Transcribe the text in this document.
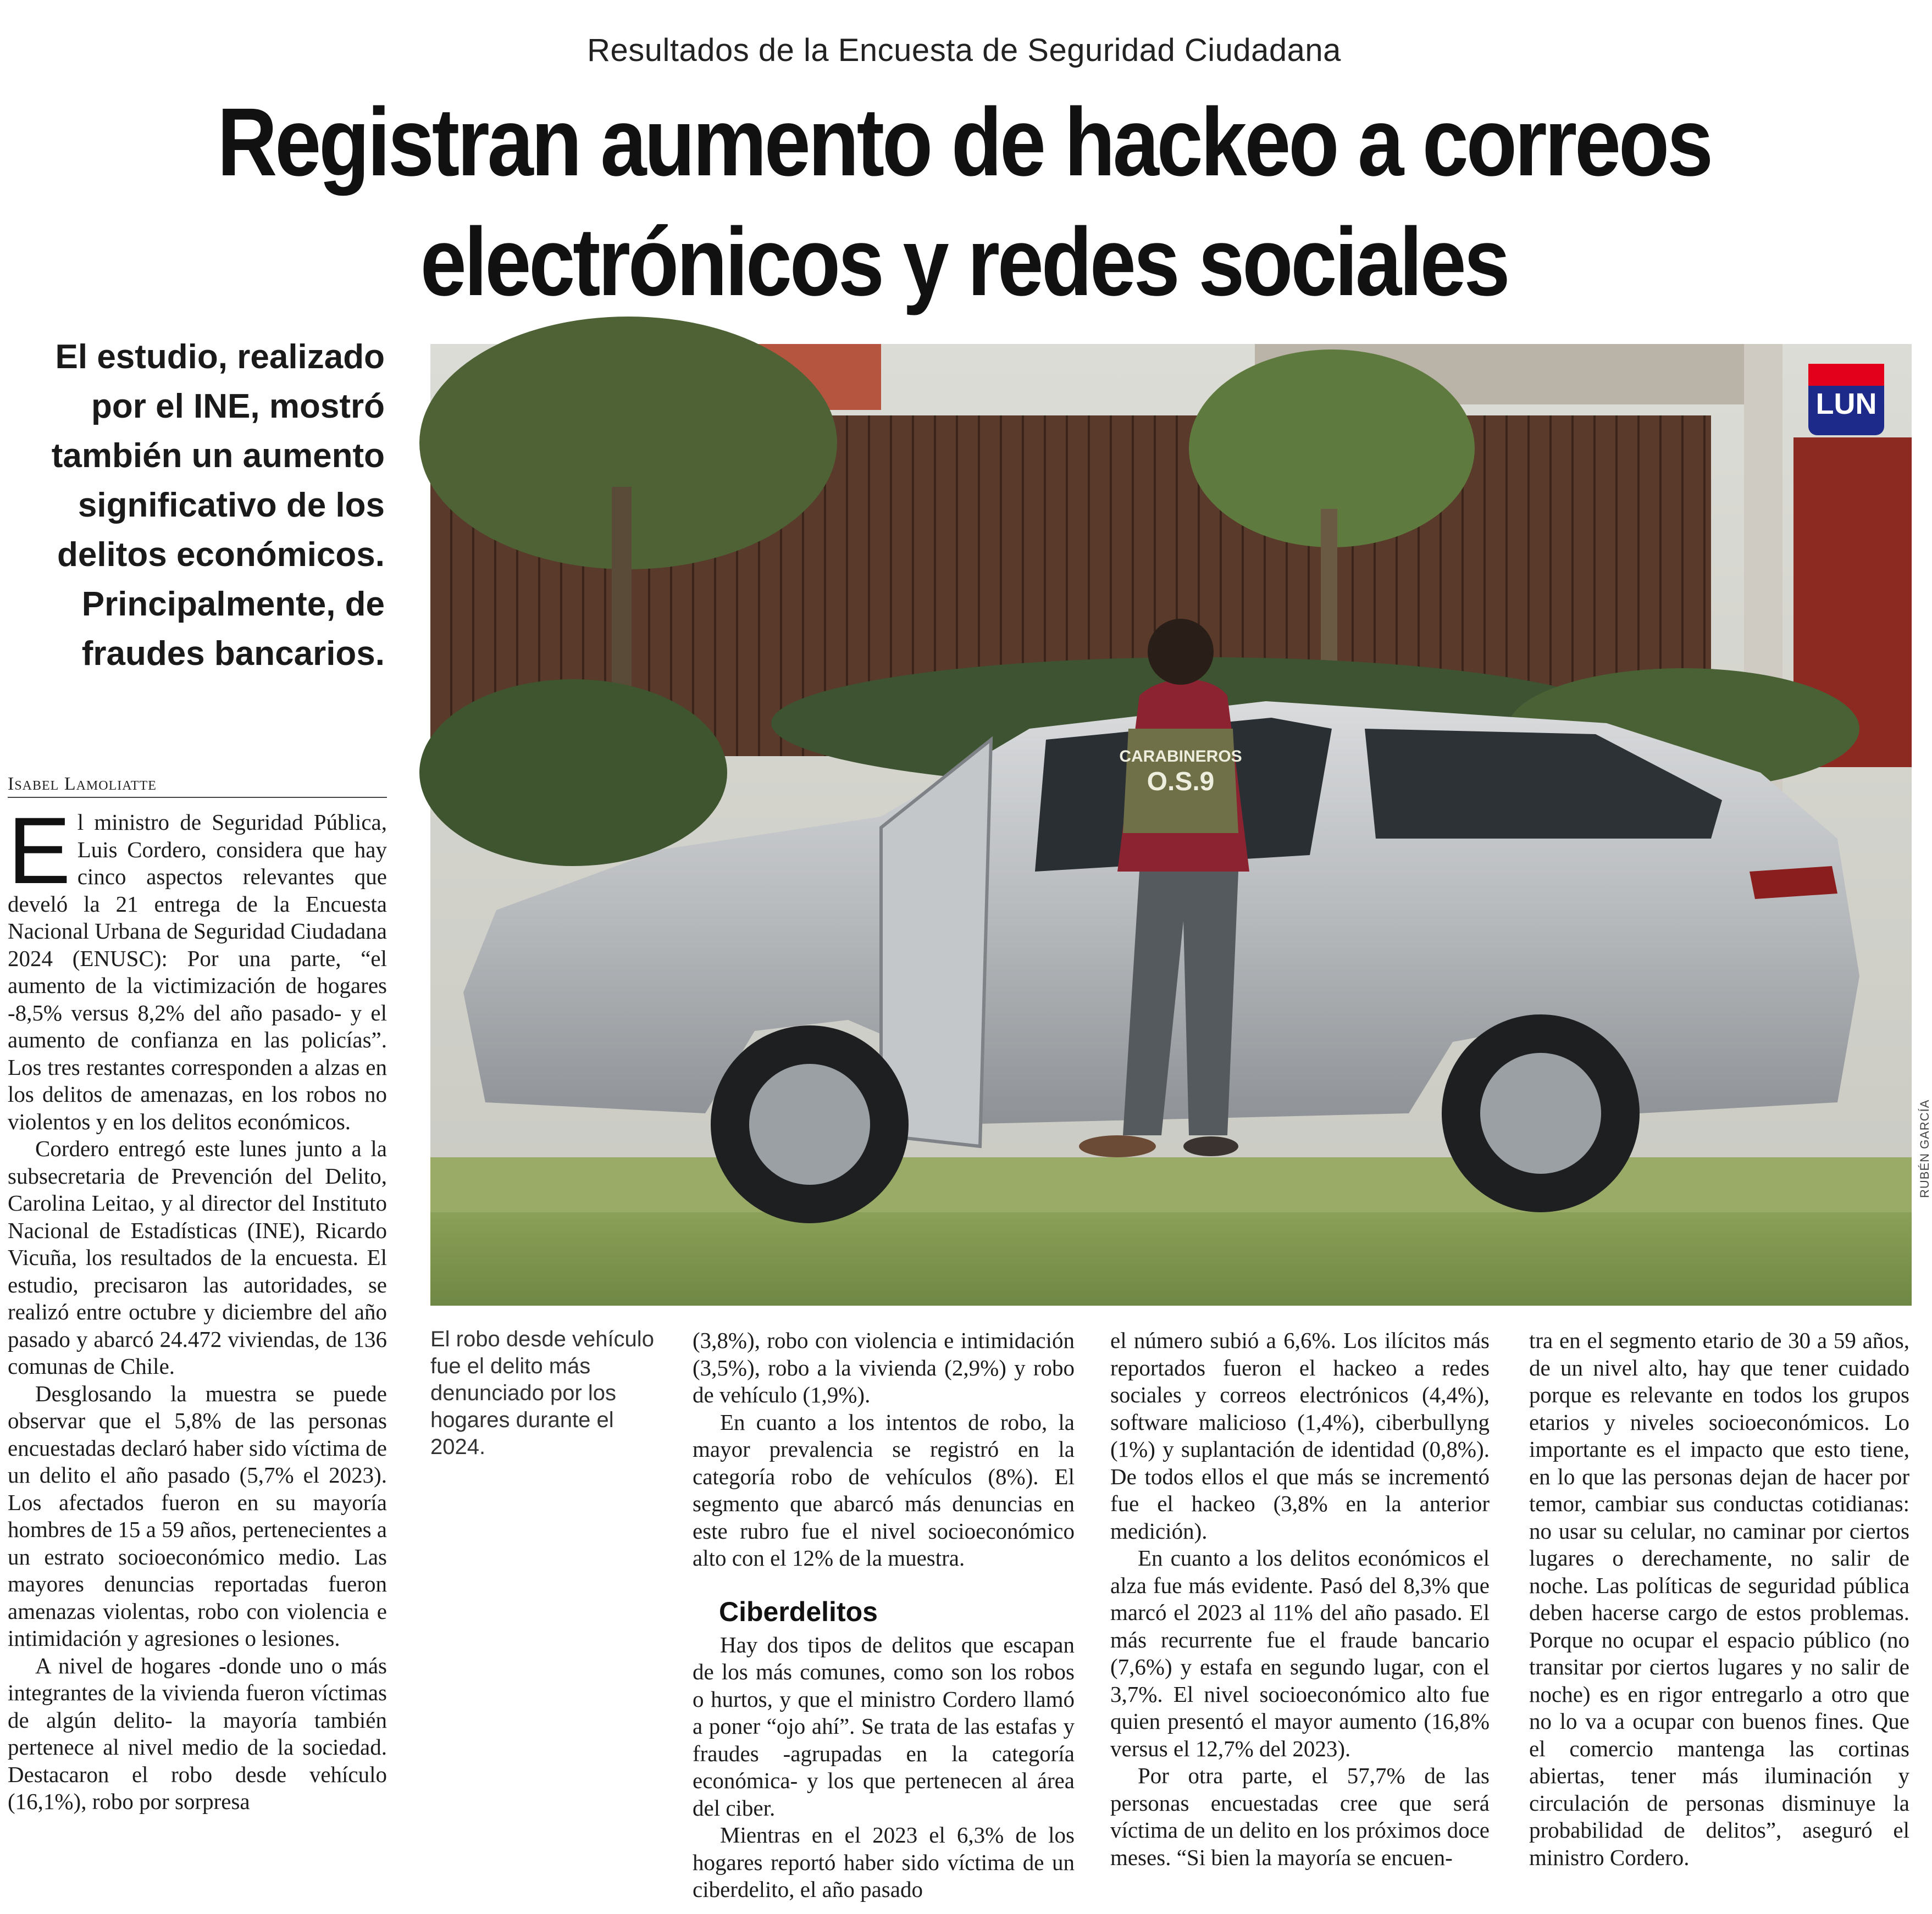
Resultados de la Encuesta de Seguridad Ciudadana
Registran aumento de hackeo a correos
electrónicos y redes sociales
El estudio, realizado por el INE, mostró también un aumento significativo de los delitos económicos. Principalmente, de fraudes bancarios.
CARABINEROS
O.S.9
LUN
RUBÉN GARCÍA
El robo desde vehículo fue el delito más denunciado por los hogares durante el 2024.
Isabel Lamoliatte

El ministro de Seguridad Pública, Luis Cordero, considera que hay cinco aspectos relevantes que develó la 21 entrega de la Encuesta Nacional Urbana de Seguridad Ciudadana 2024 (ENUSC): Por una parte, “el aumento de la victimización de hogares -8,5% versus 8,2% del año pasado- y el aumento de confianza en las policías”. Los tres restantes corresponden a alzas en los delitos de amenazas, en los robos no violentos y en los delitos económicos.

Cordero entregó este lunes junto a la subsecretaria de Prevención del Delito, Carolina Leitao, y al director del Instituto Nacional de Estadísticas (INE), Ricardo Vicuña, los resultados de la encuesta. El estudio, precisaron las autoridades, se realizó entre octubre y diciembre del año pasado y abarcó 24.472 viviendas, de 136 comunas de Chile.

Desglosando la muestra se puede observar que el 5,8% de las personas encuestadas declaró haber sido víctima de un delito el año pasado (5,7% el 2023). Los afectados fueron en su mayoría hombres de 15 a 59 años, pertenecientes a un estrato socioeconómico medio. Las mayores denuncias reportadas fueron amenazas violentas, robo con violencia e intimidación y agresiones o lesiones.

A nivel de hogares -donde uno o más integrantes de la vivienda fueron víctimas de algún delito- la mayoría también pertenece al nivel medio de la sociedad. Destacaron el robo desde vehículo (16,1%), robo por sorpresa

(3,8%), robo con violencia e intimidación (3,5%), robo a la vivienda (2,9%) y robo de vehículo (1,9%).

En cuanto a los intentos de robo, la mayor prevalencia se registró en la categoría robo de vehículos (8%). El segmento que abarcó más denuncias en este rubro fue el nivel socioeconómico alto con el 12% de la muestra.

Ciberdelitos

Hay dos tipos de delitos que escapan de los más comunes, como son los robos o hurtos, y que el ministro Cordero llamó a poner “ojo ahí”. Se trata de las estafas y fraudes -agrupadas en la categoría económica- y los que pertenecen al área del ciber.

Mientras en el 2023 el 6,3% de los hogares reportó haber sido víctima de un ciberdelito, el año pasado

el número subió a 6,6%. Los ilícitos más reportados fueron el hackeo a redes sociales y correos electrónicos (4,4%), software malicioso (1,4%), ciberbullyng (1%) y suplantación de identidad (0,8%). De todos ellos el que más se incrementó fue el hackeo (3,8% en la anterior medición).

En cuanto a los delitos económicos el alza fue más evidente. Pasó del 8,3% que marcó el 2023 al 11% del año pasado. El más recurrente fue el fraude bancario (7,6%) y estafa en segundo lugar, con el 3,7%. El nivel socioeconómico alto fue quien presentó el mayor aumento (16,8% versus el 12,7% del 2023).

Por otra parte, el 57,7% de las personas encuestadas cree que será víctima de un delito en los próximos doce meses. “Si bien la mayoría se encuen-

tra en el segmento etario de 30 a 59 años, de un nivel alto, hay que tener cuidado porque es relevante en todos los grupos etarios y niveles socioeconómicos. Lo importante es el impacto que esto tiene, en lo que las personas dejan de hacer por temor, cambiar sus conductas cotidianas: no usar su celular, no caminar por ciertos lugares o derechamente, no salir de noche. Las políticas de seguridad pública deben hacerse cargo de estos problemas. Porque no ocupar el espacio público (no transitar por ciertos lugares y no salir de noche) es en rigor entregarlo a otro que no lo va a ocupar con buenos fines. Que el comercio mantenga las cortinas abiertas, tener más iluminación y circulación de personas disminuye la probabilidad de delitos”, aseguró el ministro Cordero.
